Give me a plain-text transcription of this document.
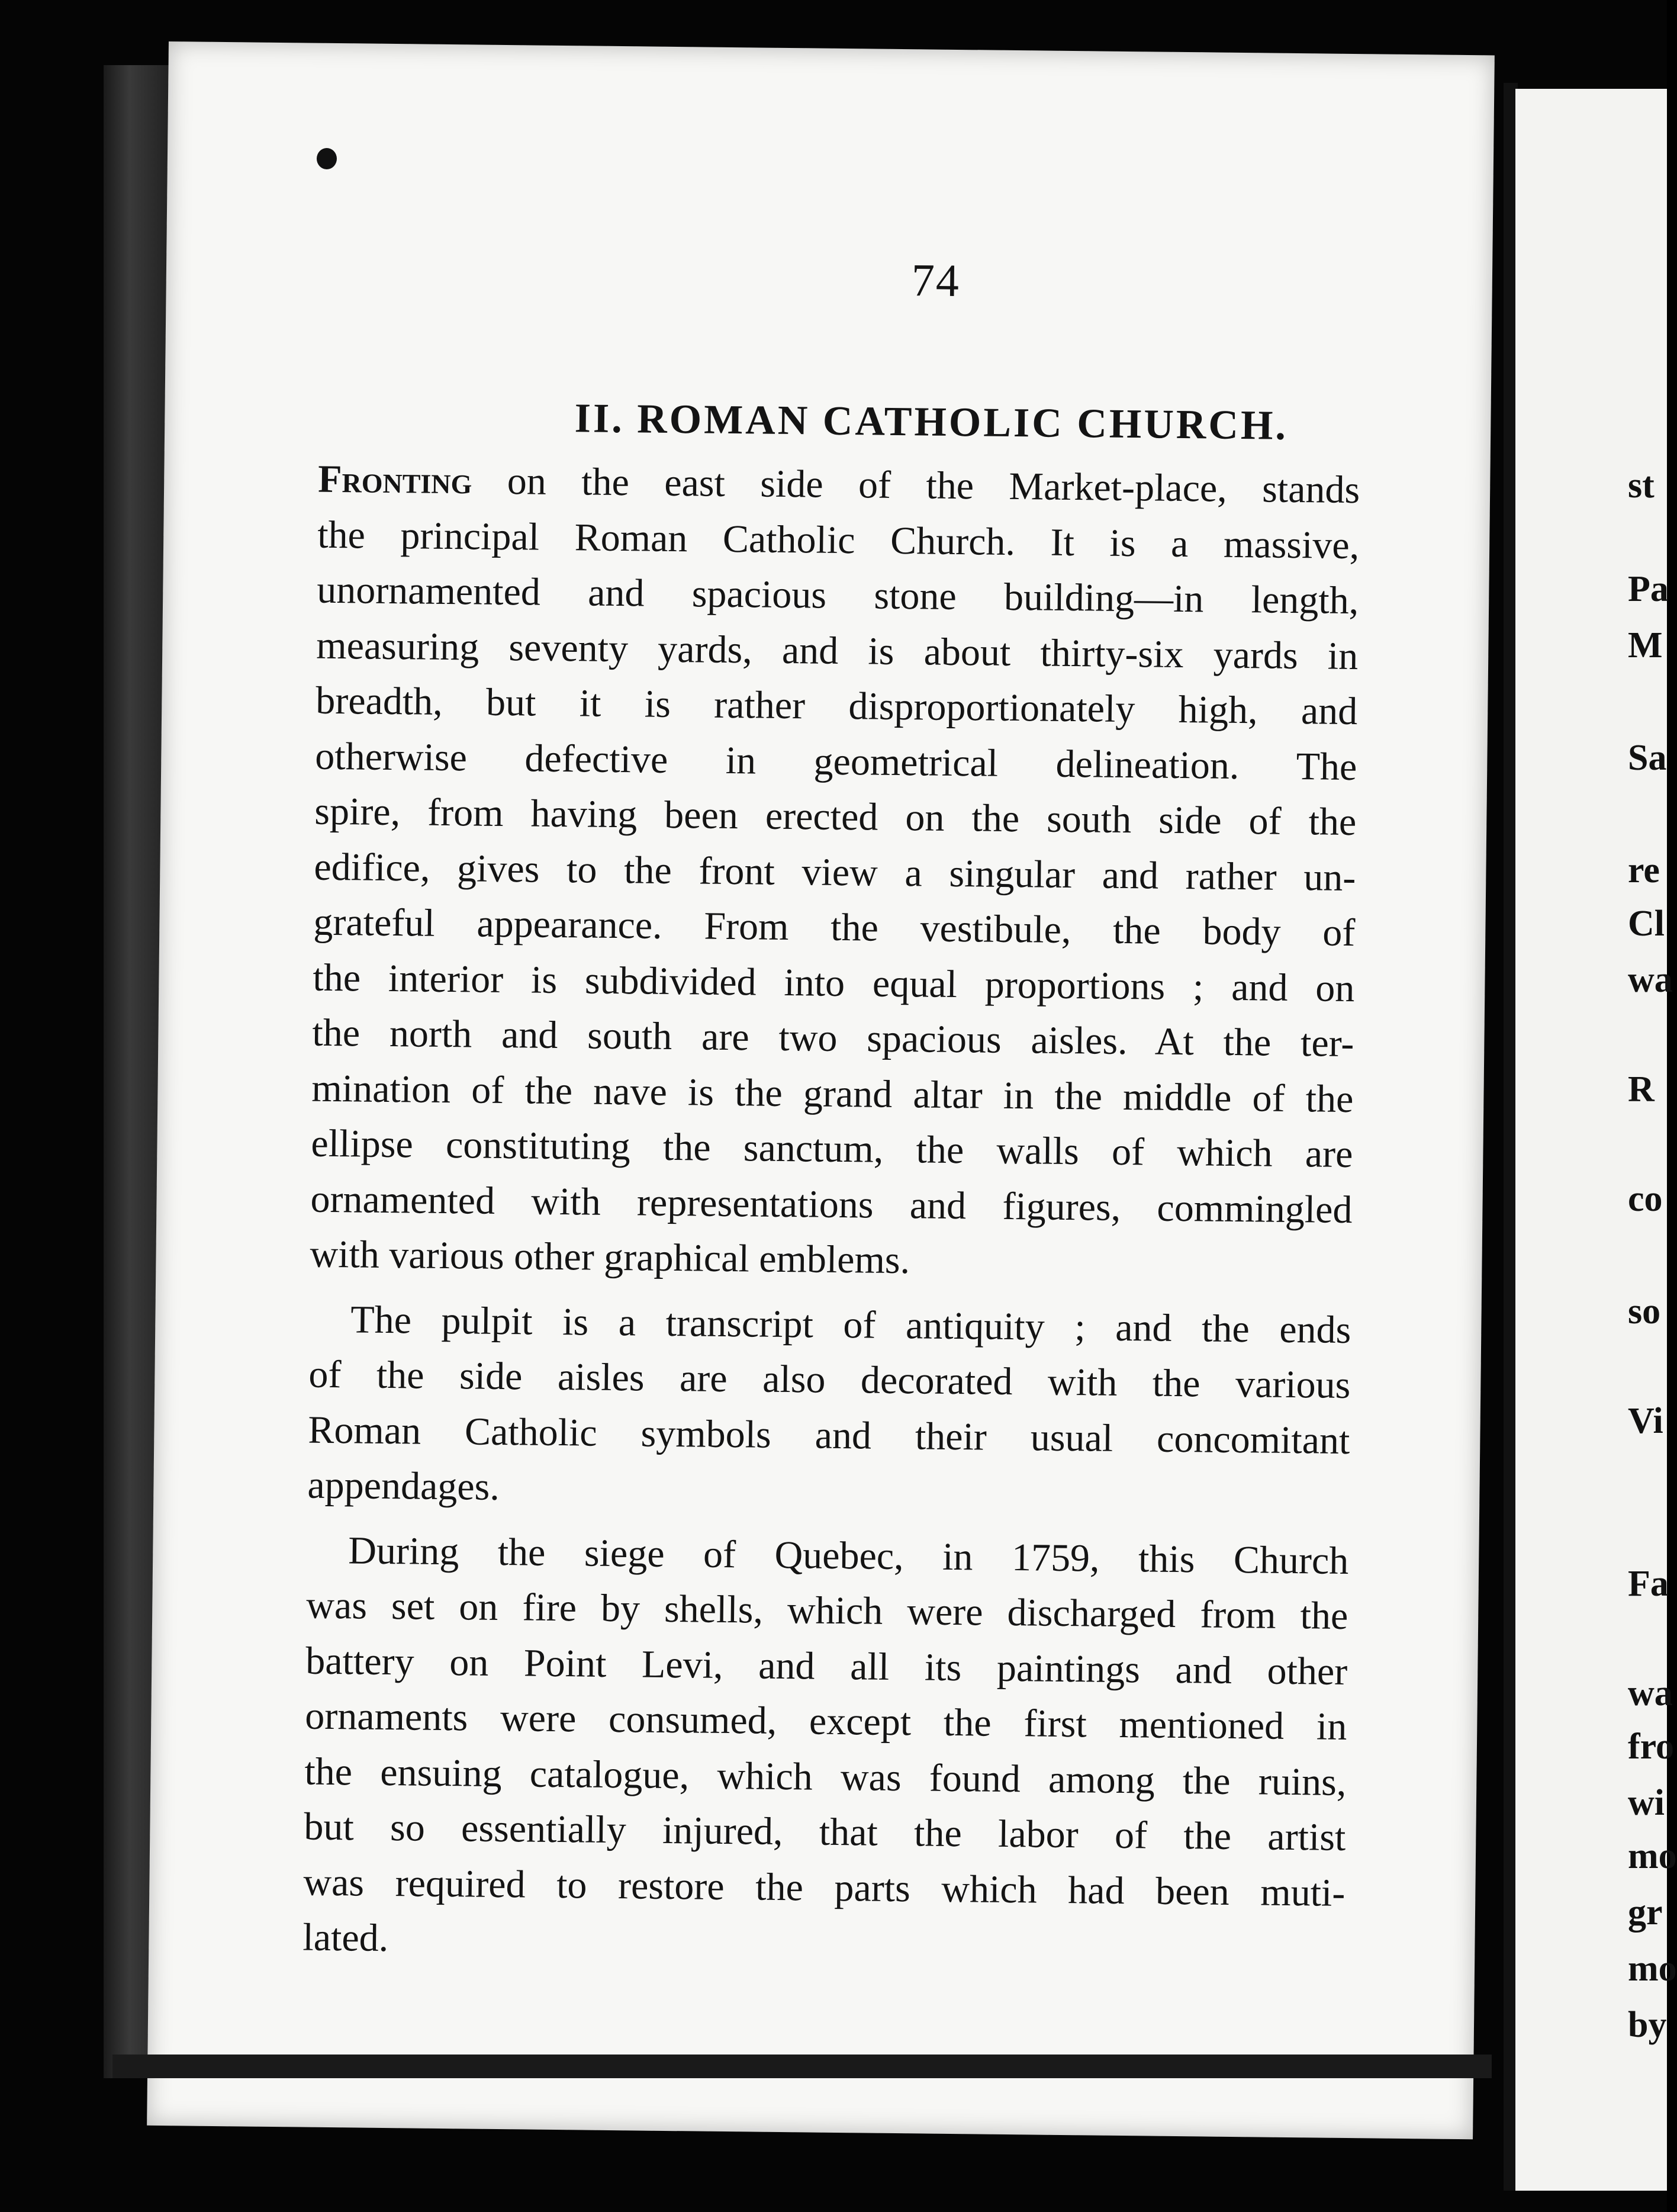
st
Pa
M
Sa
re
Cl
wa
R
co
so
Vi
Fa
wa
fro
wi
mo
gr
mo
by
74
II. ROMAN CATHOLIC CHURCH.
Fronting on the east side of the Market-place, stands
the principal Roman Catholic Church. It is a massive,
unornamented and spacious stone building—in length,
measuring seventy yards, and is about thirty-six yards in
breadth, but it is rather disproportionately high, and
otherwise defective in geometrical delineation. The
spire, from having been erected on the south side of the
edifice, gives to the front view a singular and rather un-
grateful appearance. From the vestibule, the body of
the interior is subdivided into equal proportions ; and on
the north and south are two spacious aisles. At the ter-
mination of the nave is the grand altar in the middle of the
ellipse constituting the sanctum, the walls of which are
ornamented with representations and figures, commingled
with various other graphical emblems.
The pulpit is a transcript of antiquity ; and the ends
of the side aisles are also decorated with the various
Roman Catholic symbols and their usual concomitant
appendages.
During the siege of Quebec, in 1759, this Church
was set on fire by shells, which were discharged from the
battery on Point Levi, and all its paintings and other
ornaments were consumed, except the first mentioned in
the ensuing catalogue, which was found among the ruins,
but so essentially injured, that the labor of the artist
was required to restore the parts which had been muti-
lated.
